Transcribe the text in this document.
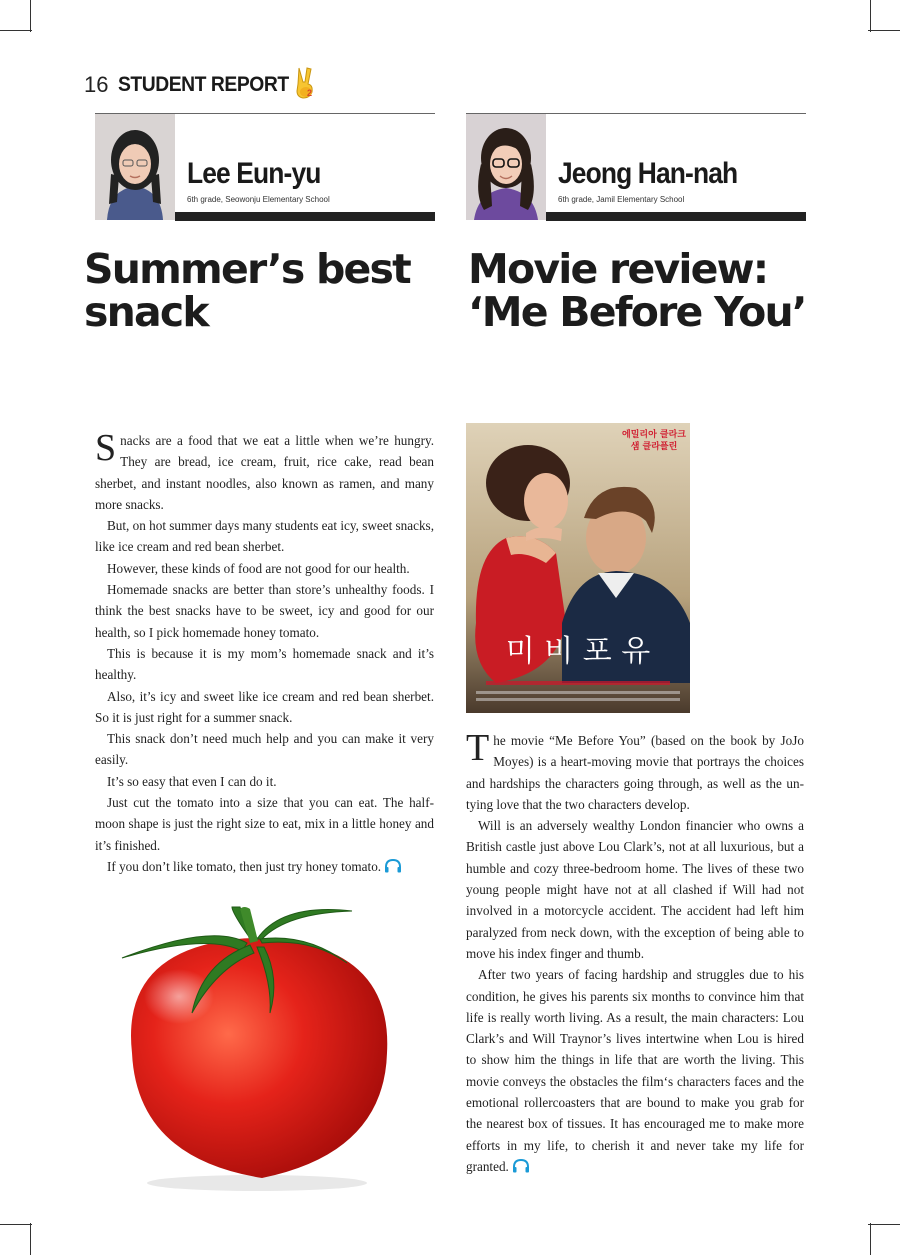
16 STUDENT REPORT 2
Lee Eun-yu
6th grade, Seowonju Elementary School
Jeong Han-nah
6th grade, Jamil Elementary School
Summer’s best
snack
Movie review:
‘Me Before You’

Snacks are a food that we eat a little when we’re hungry. They are bread, ice cream, fruit, rice cake, read bean sherbet, and instant noodles, also known as ramen, and many more snacks.

But, on hot summer days many students eat icy, sweet snacks, like ice cream and red bean sherbet.

However, these kinds of food are not good for our health.

Homemade snacks are better than store’s unhealthy foods. I think the best snacks have to be sweet, icy and good for our health, so I pick homemade honey tomato.

This is because it is my mom’s homemade snack and it’s healthy.

Also, it’s icy and sweet like ice cream and red bean sherbet. So it is just right for a summer snack.

This snack don’t need much help and you can make it very easily.

It’s so easy that even I can do it.

Just cut the tomato into a size that you can eat. The half-moon shape is just the right size to eat, mix in a little honey and it’s finished.

If you don’t like tomato, then just try honey tomato.

미 비 포 유
에밀리아 클라크
샘 클라플린

The movie “Me Before You” (based on the book by JoJo Moyes) is a heart-moving movie that portrays the choices and hardships the characters going through, as well as the un-tying love that the two characters develop.

Will is an adversely wealthy London financier who owns a British castle just above Lou Clark’s, not at all luxurious, but a humble and cozy three-bedroom home. The lives of these two young people might have not at all clashed if Will had not involved in a motorcycle accident. The accident had left him paralyzed from neck down, with the exception of being able to move his index finger and thumb.

After two years of facing hardship and struggles due to his condition, he gives his parents six months to convince him that life is really worth living. As a result, the main characters: Lou Clark’s and Will Traynor’s lives intertwine when Lou is hired to show him the things in life that are worth the living. This movie conveys the obstacles the film‘s characters faces and the emotional rollercoasters that are bound to make you grab for the nearest box of tissues. It has encouraged me to make more efforts in my life, to cherish it and never take my life for granted.
